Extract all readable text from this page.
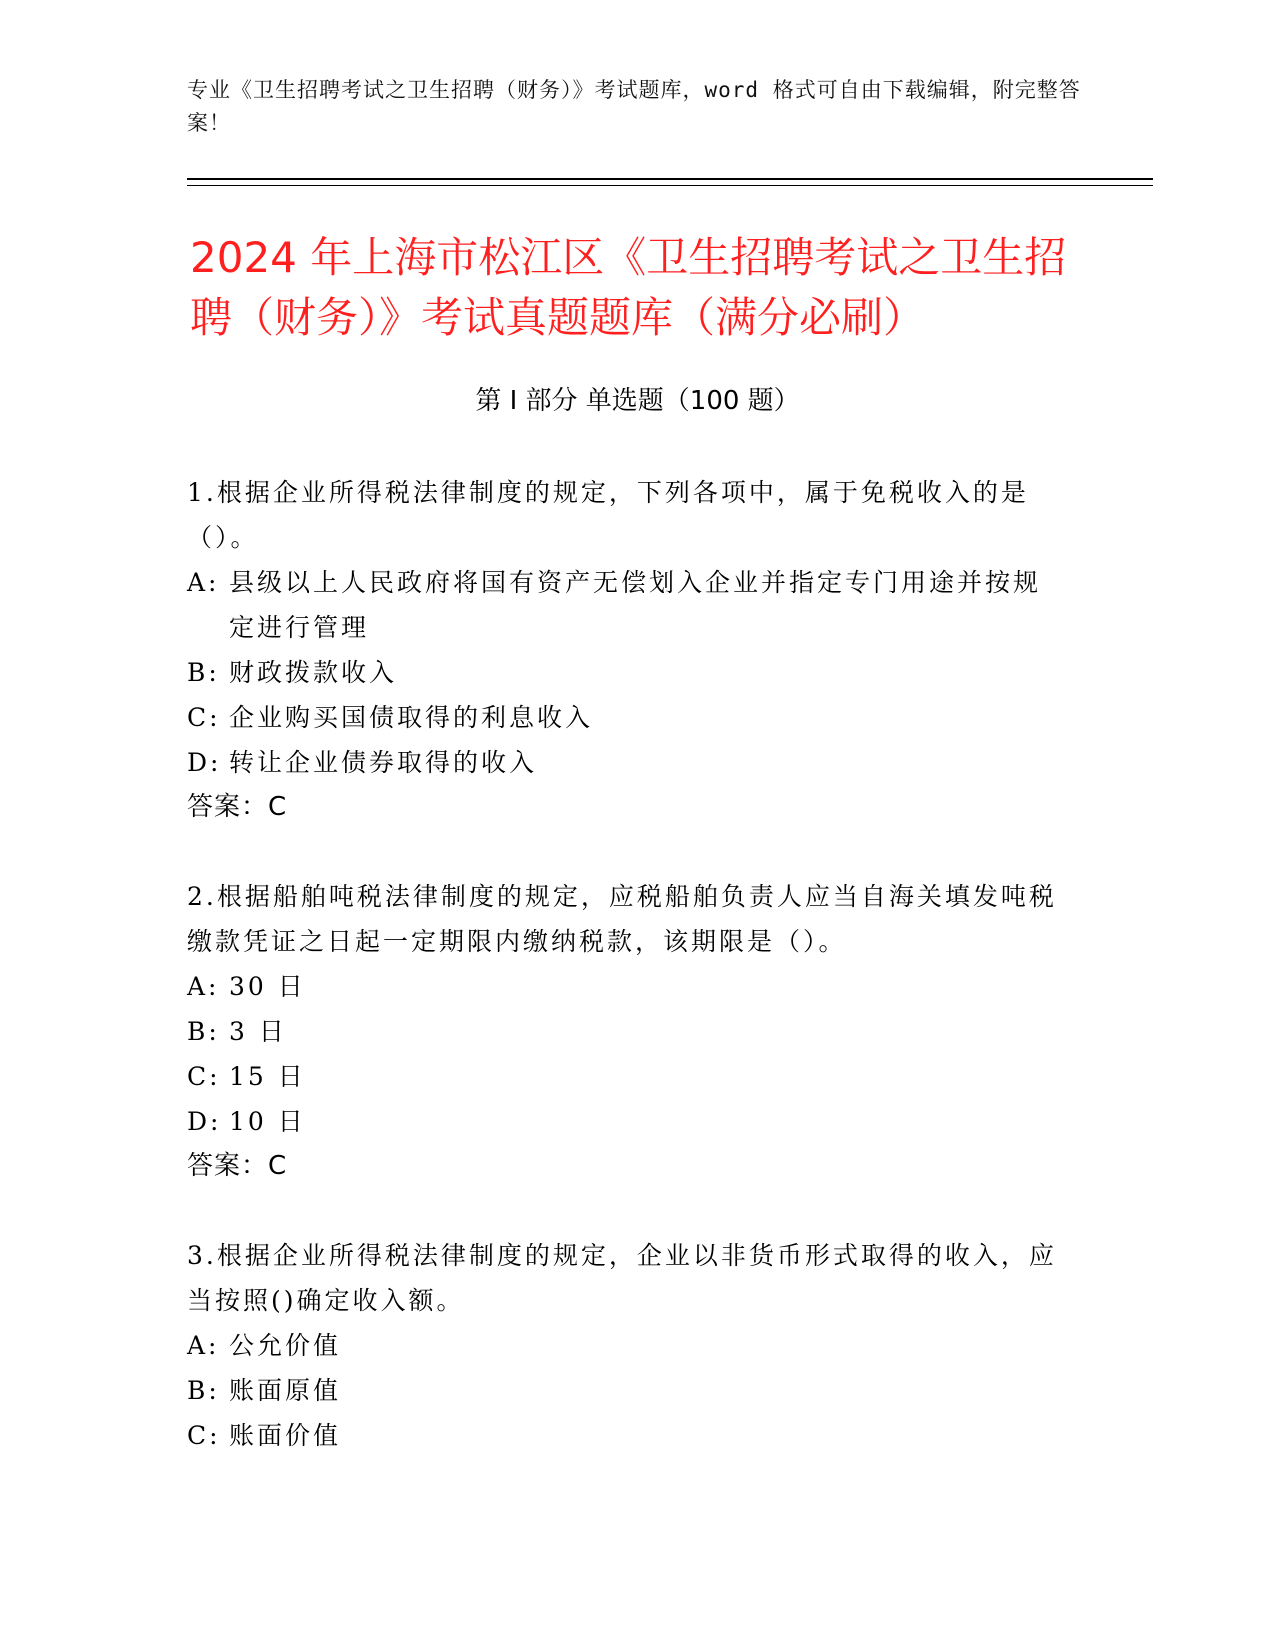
专业《卫生招聘考试之卫生招聘（财务）》考试题库，word 格式可自由下载编辑，附完整答案！
2024 年上海市松江区《卫生招聘考试之卫生招聘（财务）》考试真题题库（满分必刷）
第 I 部分 单选题（100 题）

1.根据企业所得税法律制度的规定，下列各项中，属于免税收入的是（）。

A: 县级以上人民政府将国有资产无偿划入企业并指定专门用途并按规定进行管理
B: 财政拨款收入
C: 企业购买国债取得的利息收入
D: 转让企业债券取得的收入

答案：C

2.根据船舶吨税法律制度的规定，应税船舶负责人应当自海关填发吨税缴款凭证之日起一定期限内缴纳税款，该期限是（）。

A: 30 日
B: 3 日
C: 15 日
D: 10 日

答案：C

3.根据企业所得税法律制度的规定，企业以非货币形式取得的收入，应当按照()确定收入额。

A: 公允价值
B: 账面原值
C: 账面价值
